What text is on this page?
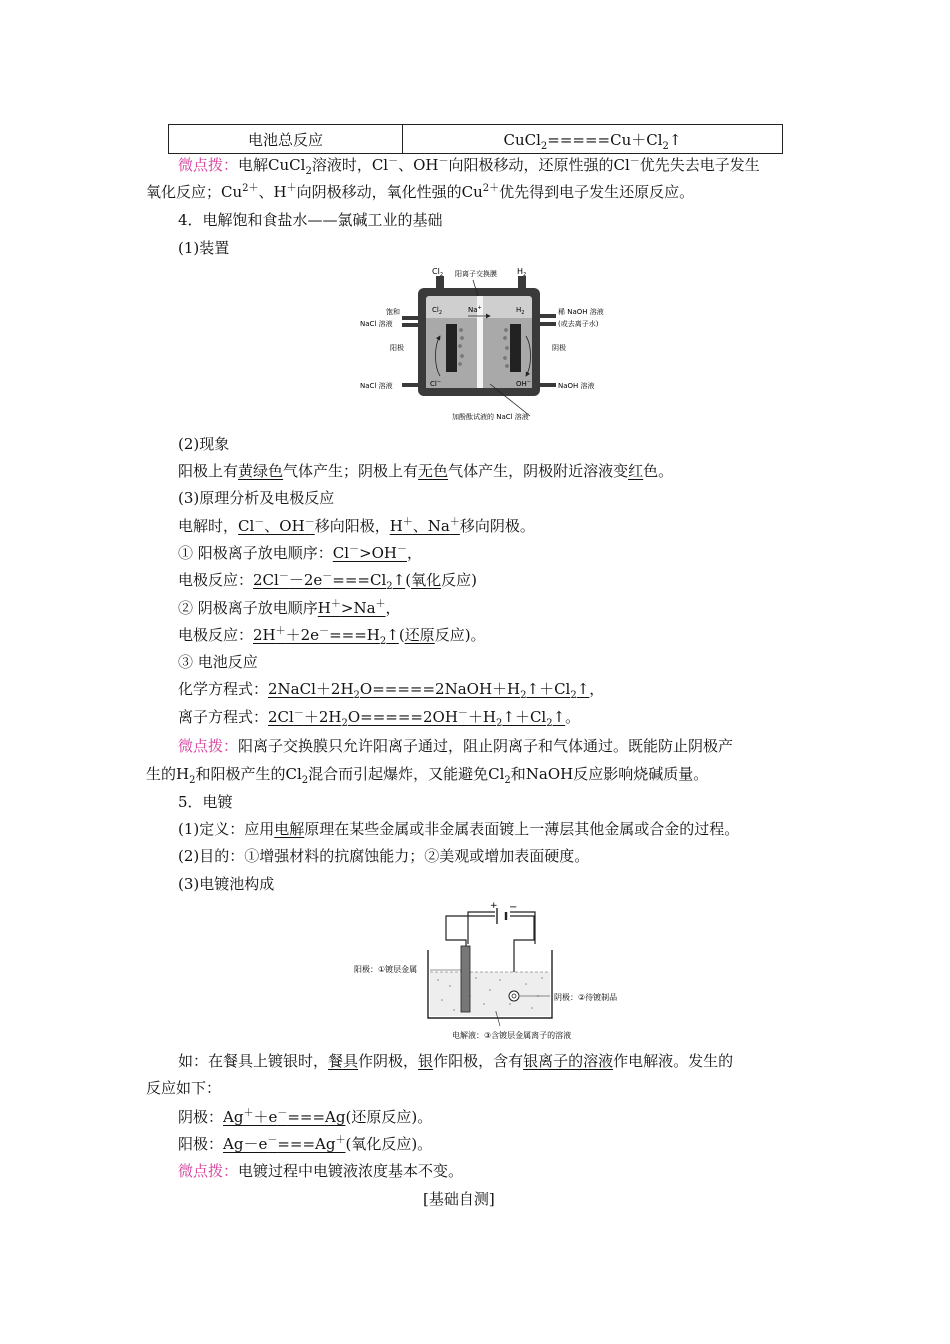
电池总反应	$CuCl_2=====Cu+Cl_2↑$
微点拨：电解CuCl$_2$溶液时，Cl－、OH－向阳极移动，还原性强的Cl－优先失去电子发生
氧化反应；$Cu^{2+}$、H＋向阴极移动，氧化性强的$Cu^{2+}$优先得到电子发生还原反应。
4．电解饱和食盐水——氯碱工业的基础
(1)装置
$Cl_2$ 阳离子交换膜	$H_2$
饱和
NaCl 溶液
阳极
NaCl 溶液
稀 NaOH 溶液
(或去离子水)
阴极
NaOH 溶液
$Cl_2$	Na+	$H_2$
Cl−	OH−
加酚酞试液的 NaCl 溶液
(2)现象
阳极上有黄绿色气体产生；阴极上有无色气体产生，阴极附近溶液变红色。
(3)原理分析及电极反应
电解时，Cl－、OH－移向阳极，H＋、Na＋移向阴极。
① 阳极离子放电顺序：Cl－>OH－，
电极反应：$2Cl^--2e^-===Cl_2↑$(氧化反应)
② 阴极离子放电顺序H＋>Na＋，
电极反应：$2H^++2e^-===H_2↑$(还原反应)。
③ 电池反应
化学方程式：$2NaCl+2H_2O=====2NaOH+H_2↑+Cl_2↑$，
离子方程式：$2Cl^-+2H_2O=====2OH^-+H_2↑+Cl_2↑$。
微点拨：阳离子交换膜只允许阳离子通过，阻止阴离子和气体通过。既能防止阴极产
生的$H_2$和阳极产生的$Cl_2$混合而引起爆炸，又能避免$Cl_2$和NaOH反应影响烧碱质量。
5．电镀
(1)定义：应用电解原理在某些金属或非金属表面镀上一薄层其他金属或合金的过程。
(2)目的：①增强材料的抗腐蚀能力；②美观或增加表面硬度。
(3)电镀池构成
+ −
阳极：①镀层金属
阴极：②待镀制品
电解液：③含镀层金属离子的溶液
如：在餐具上镀银时，餐具作阴极，银作阳极，含有银离子的溶液作电解液。发生的
反应如下：
阴极：Ag＋＋e－===Ag(还原反应)。
阳极：Ag－e－===Ag＋(氧化反应)。
微点拨：电镀过程中电镀液浓度基本不变。
[基础自测]
